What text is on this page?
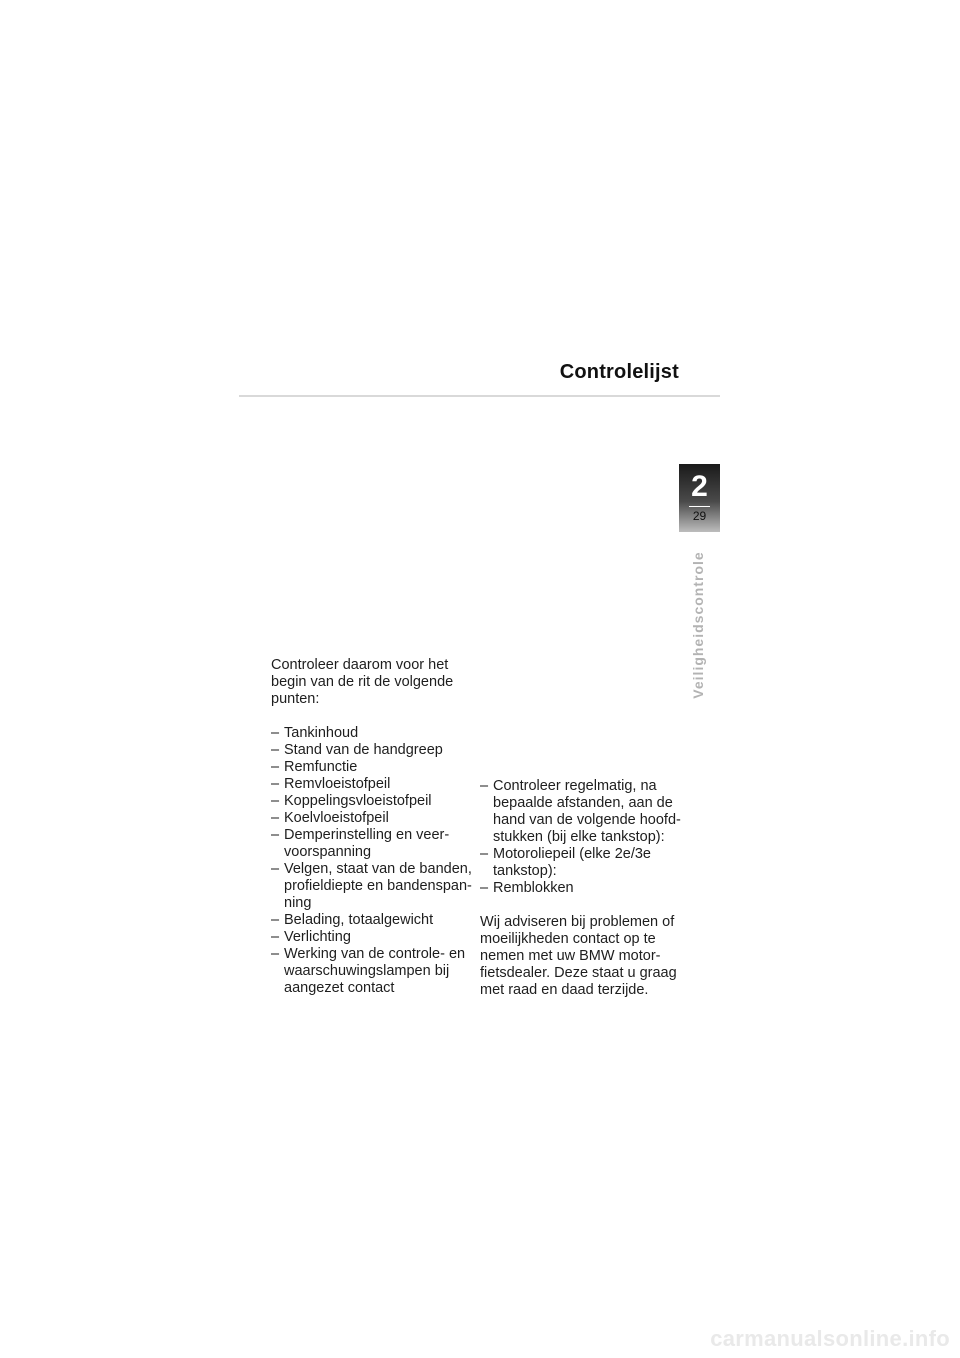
Controlelijst
2
29
Veiligheidscontrole

Controleer daarom voor het begin van de rit de volgende punten:

– Tankinhoud
– Stand van de handgreep
– Remfunctie
– Remvloeistofpeil
– Koppelingsvloeistofpeil
– Koelvloeistofpeil
– Demperinstelling en veervoorspanning
– Velgen, staat van de banden, profieldiepte en bandenspanning
– Belading, totaalgewicht
– Verlichting
– Werking van de controle- en waarschuwingslampen bij aangezet contact
– Controleer regelmatig, na bepaalde afstanden, aan de hand van de volgende hoofdstukken (bij elke tankstop):
– Motoroliepeil (elke 2e/3e tankstop):
– Remblokken

Wij adviseren bij problemen of moeilijkheden contact op te nemen met uw BMW motorfietsdealer. Deze staat u graag met raad en daad terzijde.

carmanualsonline.info
